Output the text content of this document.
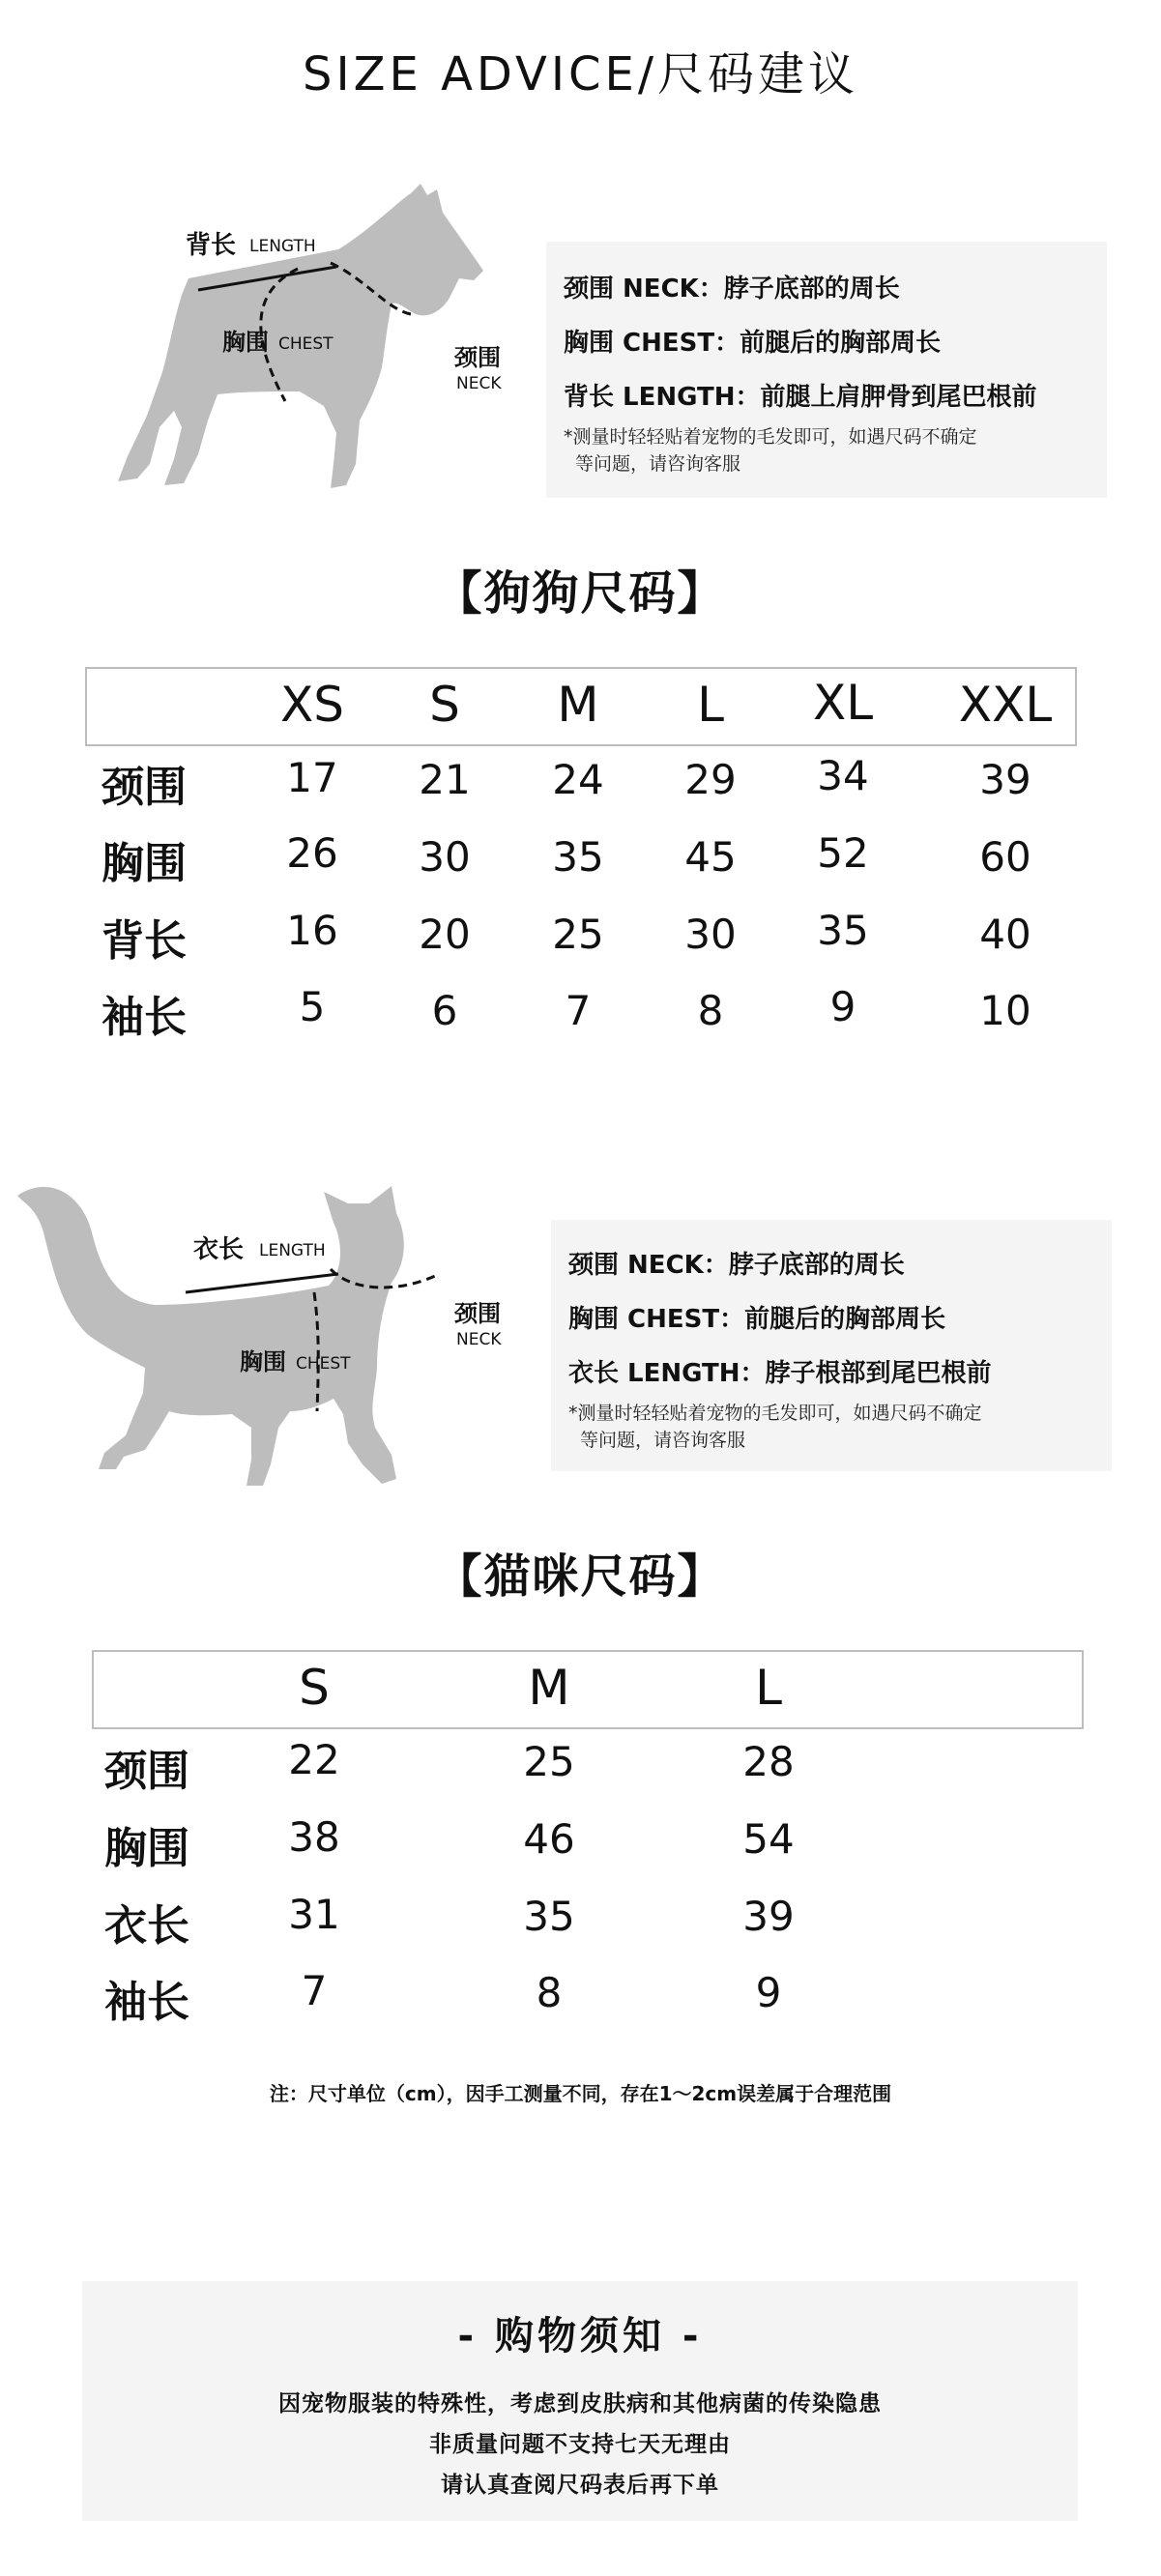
SIZE ADVICE/尺码建议
背长 LENGTH
胸围 CHEST	颈围
NECK
颈围 NECK：脖子底部的周长
胸围 CHEST：前腿后的胸部周长
背长 LENGTH：前腿上肩胛骨到尾巴根前
*测量时轻轻贴着宠物的毛发即可，如遇尺码不确定
等问题，请咨询客服
【狗狗尺码】
XS	S	M	L	XL	XXL
颈围	17	21	24	29	34	39
胸围	26	30	35	45	52	60
背长	16	20	25	30	35	40
袖长	5	6	7	8	9	10
衣长 LENGTH
胸围 CHEST
颈围
NECK
颈围 NECK：脖子底部的周长
胸围 CHEST：前腿后的胸部周长
衣长 LENGTH：脖子根部到尾巴根前
*测量时轻轻贴着宠物的毛发即可，如遇尺码不确定
等问题，请咨询客服
【猫咪尺码】
S	M	L
颈围	22	25	28
胸围	38	46	54
衣长	31	35	39
袖长	7	8	9
注：尺寸单位（cm），因手工测量不同，存在1～2cm误差属于合理范围
- 购物须知 -
因宠物服装的特殊性，考虑到皮肤病和其他病菌的传染隐患
非质量问题不支持七天无理由
请认真查阅尺码表后再下单
